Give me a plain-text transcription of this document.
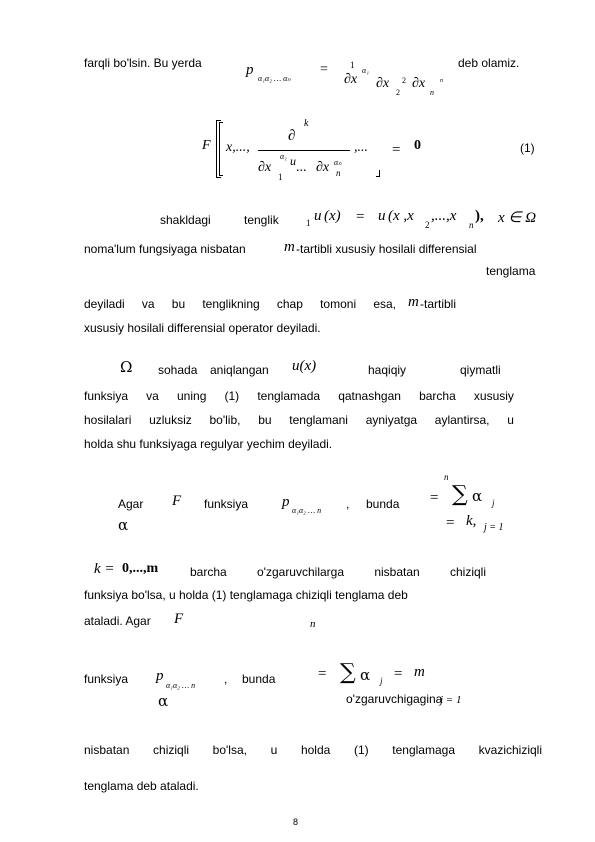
farqli bo'lsin. Bu yerda	p
α₁α₂ … αₙ
= 1
∂x
α₁
∂x
2
2 ∂x
n
n
deb olamiz.
F x,...,
∂
k
∂x
α₁ u
1
... ∂x αₙ
n
,... = 0	(1)
shakldagi	tenglik	1 u (x) = u (x ,x
2
,...,x
n
), x ∈ Ω
noma'lum fungsiyaga nisbatan	m -tartibli xususiy hosilali differensial
tenglama
deyiladi va bu tenglikning chap tomoni esa, m -tartibli
xususiy hosilali differensial operator deyiladi.
Ω sohada aniqlangan u(x)	haqiqiy	qiymatli
funksiya va uning (1) tenglamada qatnashgan barcha xususiy
hosilalari uzluksiz bo'lib, bu tenglamani ayniyatga aylantirsa, u
holda shu funksiyaga regulyar yechim deyiladi.
Agar F funksiya p
α₁α₂ … n , bunda
α
=
n
∑ α j
= k, j = 1
k = 0,...,m	barcha	o'zgaruvchilarga	nisbatan	chiziqli
funksiya bo'lsa, u holda (1) tenglamaga chiziqli tenglama deb
ataladi. Agar F	n
funksiya p
α₁α₂ … n , bunda
α
= ∑ α j = m
o'zgaruvchigagina
j = 1
nisbatan chiziqli bo'lsa, u holda (1) tenglamaga kvazichiziqli
tenglama deb ataladi.
8
